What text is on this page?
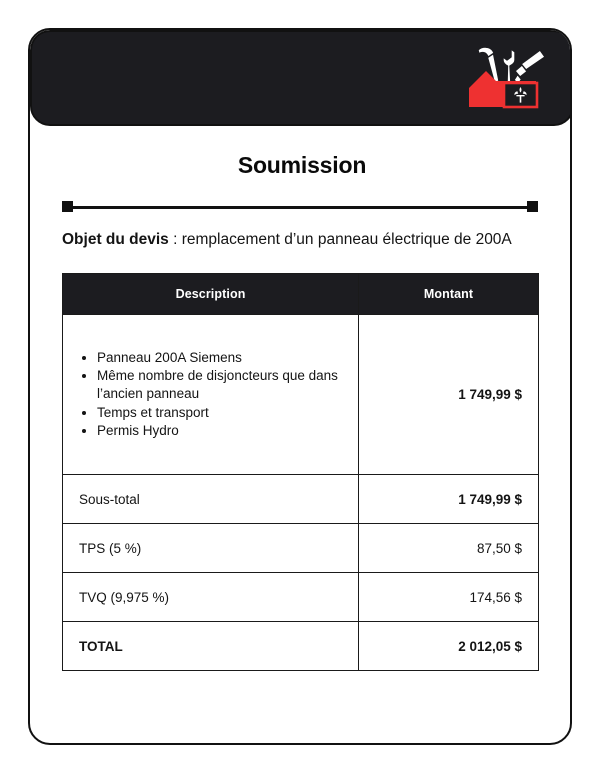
Soumission

Objet du devis : remplacement d’un panneau électrique de 200A

Description	Montant

• Panneau 200A Siemens
• Même nombre de disjoncteurs que dans l’ancien panneau
• Temps et transport
• Permis Hydro
	1 749,99 $
Sous-total	1 749,99 $
TPS (5 %)	87,50 $
TVQ (9,975 %)	174,56 $
TOTAL	2 012,05 $
